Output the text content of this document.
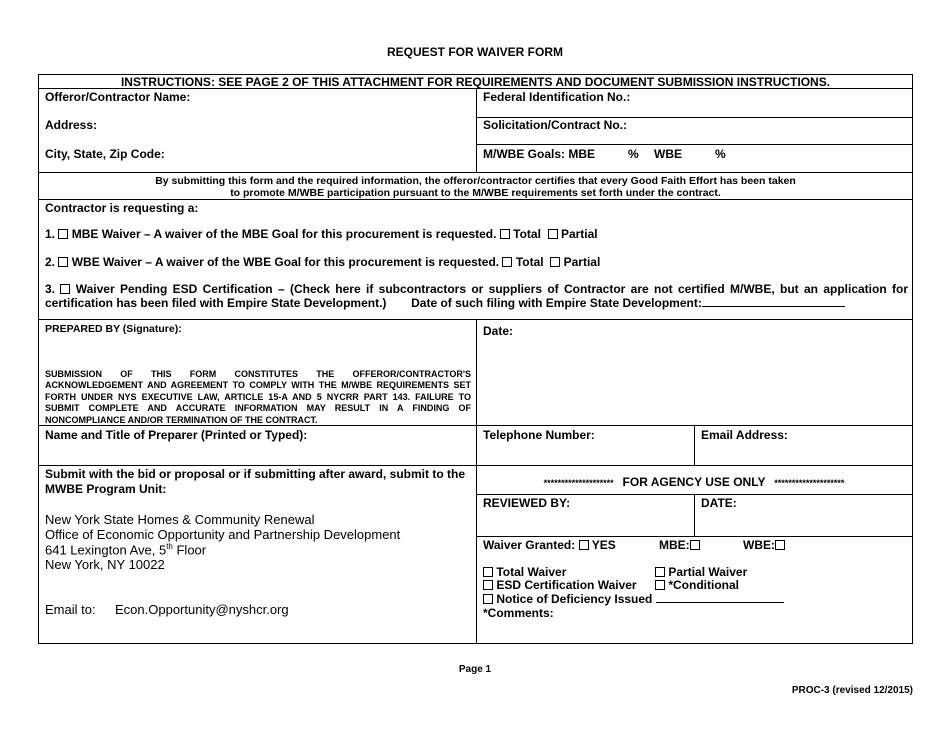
REQUEST FOR WAIVER FORM
INSTRUCTIONS: SEE PAGE 2 OF THIS ATTACHMENT FOR REQUIREMENTS AND DOCUMENT SUBMISSION INSTRUCTIONS.
Offeror/Contractor Name:	Federal Identification No.:
Address:	Solicitation/Contract No.:
City, State, Zip Code:	M/WBE Goals: MBE	% WBE	%
By submitting this form and the required information, the offeror/contractor certifies that every Good Faith Effort has been taken
to promote M/WBE participation pursuant to the M/WBE requirements set forth under the contract.
Contractor is requesting a:
1. MBE Waiver – A waiver of the MBE Goal for this procurement is requested. Total Partial
2. WBE Waiver – A waiver of the WBE Goal for this procurement is requested. Total Partial
3. Waiver Pending ESD Certification – (Check here if subcontractors or suppliers of Contractor are not certified M/WBE, but an application for
certification has been filed with Empire State Development.) Date of such filing with Empire State Development:
PREPARED BY (Signature):	Date:
SUBMISSION OF THIS FORM CONSTITUTES THE OFFEROR/CONTRACTOR'S ACKNOWLEDGEMENT AND AGREEMENT TO COMPLY WITH THE M/WBE REQUIREMENTS SET FORTH UNDER NYS EXECUTIVE LAW, ARTICLE 15-A AND 5 NYCRR PART 143. FAILURE TO SUBMIT COMPLETE AND ACCURATE INFORMATION MAY RESULT IN A FINDING OF NONCOMPLIANCE AND/OR TERMINATION OF THE CONTRACT.
Name and Title of Preparer (Printed or Typed):	Telephone Number:	Email Address:
Submit with the bid or proposal or if submitting after award, submit to the
MWBE Program Unit:
New York State Homes & Community Renewal
Office of Economic Opportunity and Partnership Development
641 Lexington Ave, 5th Floor
New York, NY 10022
Email to: Econ.Opportunity@nyshcr.org
******************** FOR AGENCY USE ONLY ********************
REVIEWED BY:	DATE:
Waiver Granted: YES	MBE:	WBE:
Total Waiver	Partial Waiver
ESD Certification Waiver	*Conditional
Notice of Deficiency Issued
*Comments:
Page 1
PROC-3 (revised 12/2015)
